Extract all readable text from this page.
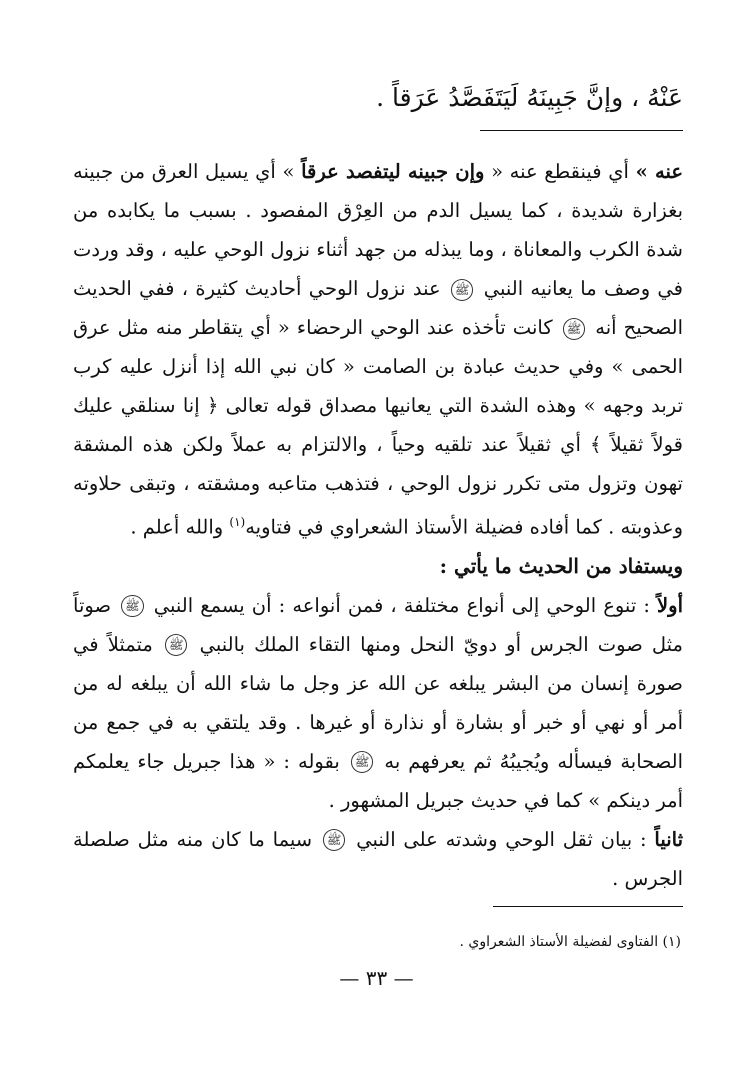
عَنْهُ ، وإنَّ جَبِينَهُ لَيَتَفَصَّدُ عَرَقاً .

عنه » أي فينقطع عنه « وإن جبينه ليتفصد عرقاً » أي يسيل العرق من جبينه بغزارة شديدة ، كما يسيل الدم من العِرْق المفصود . بسبب ما يكابده من شدة الكرب والمعاناة ، وما يبذله من جهد أثناء نزول الوحي عليه ، وقد وردت في وصف ما يعانيه النبي ﷺ عند نزول الوحي أحاديث كثيرة ، ففي الحديث الصحيح أنه ﷺ كانت تأخذه عند الوحي الرحضاء « أي يتقاطر منه مثل عرق الحمى » وفي حديث عبادة بن الصامت « كان نبي الله إذا أنزل عليه كرب تربد وجهه » وهذه الشدة التي يعانيها مصداق قوله تعالى ﴿ إنا سنلقي عليك قولاً ثقيلاً ﴾ أي ثقيلاً عند تلقيه وحياً ، والالتزام به عملاً ولكن هذه المشقة تهون وتزول متى تكرر نزول الوحي ، فتذهب متاعبه ومشقته ، وتبقى حلاوته وعذوبته . كما أفاده فضيلة الأستاذ الشعراوي في فتاويه$^{(١)}$ والله أعلم .

ويستفاد من الحديث ما يأتي :

أولاً : تنوع الوحي إلى أنواع مختلفة ، فمن أنواعه : أن يسمع النبي ﷺ صوتاً مثل صوت الجرس أو دويّ النحل ومنها التقاء الملك بالنبي ﷺ متمثلاً في صورة إنسان من البشر يبلغه عن الله عز وجل ما شاء الله أن يبلغه له من أمر أو نهي أو خبر أو بشارة أو نذارة أو غيرها . وقد يلتقي به في جمع من الصحابة فيسأله ويُجيبُهُ ثم يعرفهم به ﷺ بقوله : « هذا جبريل جاء يعلمكم أمر دينكم » كما في حديث جبريل المشهور .

ثانياً : بيان ثقل الوحي وشدته على النبي ﷺ سيما ما كان منه مثل صلصلة الجرس .

(١) الفتاوى لفضيلة الأستاذ الشعراوي .
— ٣٣ —
